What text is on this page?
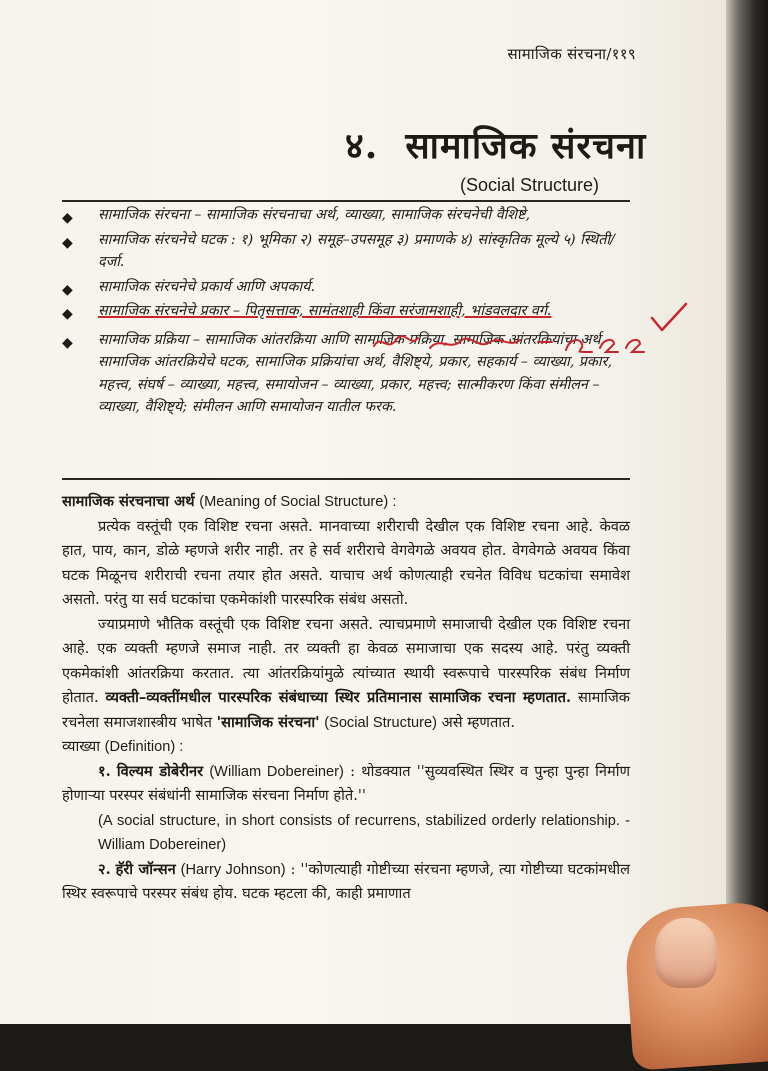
सामाजिक संरचना/११९
४. सामाजिक संरचना
(Social Structure)
◆ सामाजिक संरचना – सामाजिक संरचनाचा अर्थ, व्याख्या, सामाजिक संरचनेची वैशिष्टे,
◆ सामाजिक संरचनेचे घटक : १) भूमिका २) समूह–उपसमूह ३) प्रमाणके ४) सांस्कृतिक मूल्ये ५) स्थिती/दर्जा.
◆ सामाजिक संरचनेचे प्रकार्य आणि अपकार्य.
◆ सामाजिक संरचनेचे प्रकार – पितृसत्ताक, सामंतशाही किंवा सरंजामशाही, भांडवलदार वर्ग.
◆ सामाजिक प्रक्रिया – सामाजिक आंतरक्रिया आणि सामाजिक प्रक्रिया, सामाजिक आंतरक्रियांचा अर्थ, सामाजिक आंतरक्रियेचे घटक, सामाजिक प्रक्रियांचा अर्थ, वैशिष्ट्ये, प्रकार, सहकार्य – व्याख्या, प्रकार, महत्त्व, संघर्ष – व्याख्या, महत्त्व, समायोजन – व्याख्या, प्रकार, महत्त्व; सात्मीकरण किंवा संमीलन – व्याख्या, वैशिष्ट्ये; संमीलन आणि समायोजन यातील फरक.

सामाजिक संरचनाचा अर्थ (Meaning of Social Structure) :

प्रत्येक वस्तूंची एक विशिष्ट रचना असते. मानवाच्या शरीराची देखील एक विशिष्ट रचना आहे. केवळ हात, पाय, कान, डोळे म्हणजे शरीर नाही. तर हे सर्व शरीराचे वेगवेगळे अवयव होत. वेगवेगळे अवयव किंवा घटक मिळूनच शरीराची रचना तयार होत असते. याचाच अर्थ कोणत्याही रचनेत विविध घटकांचा समावेश असतो. परंतु या सर्व घटकांचा एकमेकांशी पारस्परिक संबंध असतो.

ज्याप्रमाणे भौतिक वस्तूंची एक विशिष्ट रचना असते. त्याचप्रमाणे समाजाची देखील एक विशिष्ट रचना आहे. एक व्यक्ती म्हणजे समाज नाही. तर व्यक्ती हा केवळ समाजाचा एक सदस्य आहे. परंतु व्यक्ती एकमेकांशी आंतरक्रिया करतात. त्या आंतरक्रियांमुळे त्यांच्यात स्थायी स्वरूपाचे पारस्परिक संबंध निर्माण होतात. व्यक्ती–व्यक्तींमधील पारस्परिक संबंधाच्या स्थिर प्रतिमानास सामाजिक रचना म्हणतात. सामाजिक रचनेला समाजशास्त्रीय भाषेत 'सामाजिक संरचना' (Social Structure) असे म्हणतात.

व्याख्या (Definition) :

१. विल्यम डोबेरीनर (William Dobereiner) : थोडक्यात ''सुव्यवस्थित स्थिर व पुन्हा पुन्हा निर्माण होणाऱ्या परस्पर संबंधांनी सामाजिक संरचना निर्माण होते.''

(A social structure, in short consists of recurrens, stabilized orderly relationship. - William Dobereiner)

२. हॅरी जॉन्सन (Harry Johnson) : ''कोणत्याही गोष्टीच्या संरचना म्हणजे, त्या गोष्टीच्या घटकांमधील स्थिर स्वरूपाचे परस्पर संबंध होय. घटक म्हटला की, काही प्रमाणात
